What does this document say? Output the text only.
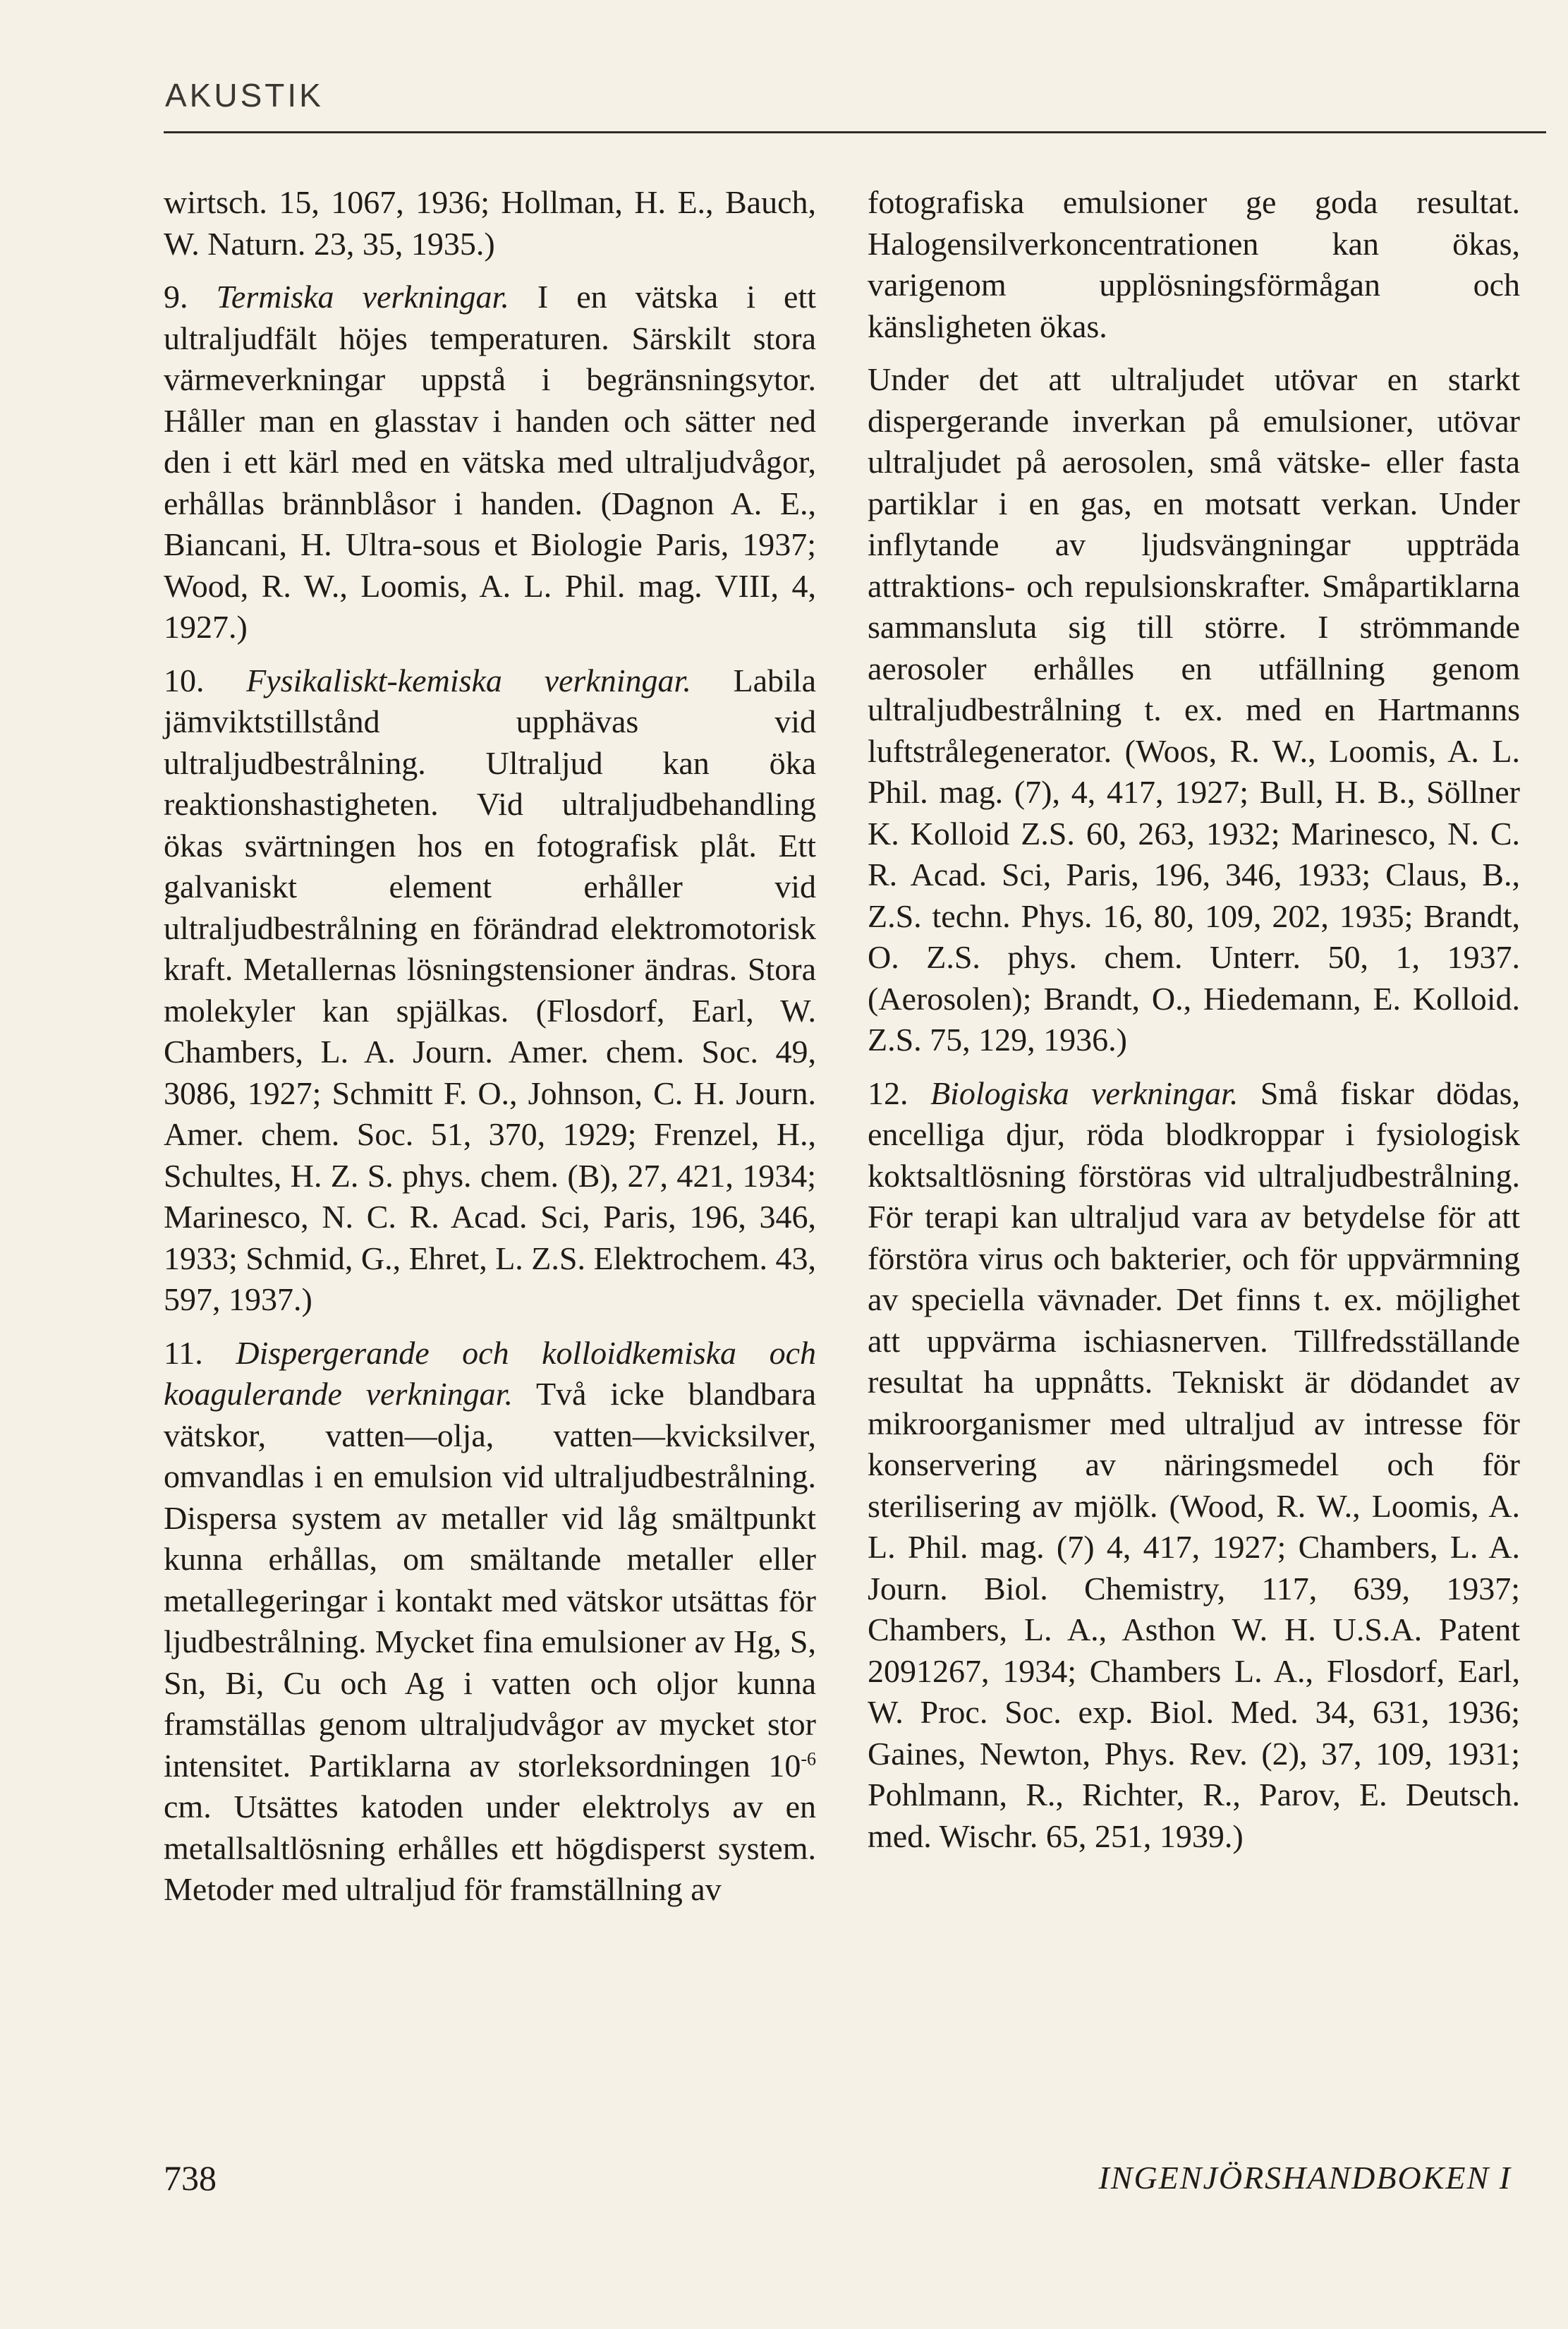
AKUSTIK

wirtsch. 15, 1067, 1936; Hollman, H. E., Bauch, W. Naturn. 23, 35, 1935.)

9. Termiska verkningar. I en vätska i ett ultraljudfält höjes temperaturen. Särskilt stora värmeverkningar uppstå i begränsningsytor. Håller man en glasstav i handen och sätter ned den i ett kärl med en vätska med ultraljudvågor, erhållas brännblåsor i handen. (Dagnon A. E., Biancani, H. Ultra-sous et Biologie Paris, 1937; Wood, R. W., Loomis, A. L. Phil. mag. VIII, 4, 1927.)

10. Fysikaliskt-kemiska verkningar. Labila jämviktstillstånd upphävas vid ultraljudbestrålning. Ultraljud kan öka reaktionshastigheten. Vid ultraljudbehandling ökas svärtningen hos en fotografisk plåt. Ett galvaniskt element erhåller vid ultraljudbestrålning en förändrad elektromotorisk kraft. Metallernas lösningstensioner ändras. Stora molekyler kan spjälkas. (Flosdorf, Earl, W. Chambers, L. A. Journ. Amer. chem. Soc. 49, 3086, 1927; Schmitt F. O., Johnson, C. H. Journ. Amer. chem. Soc. 51, 370, 1929; Frenzel, H., Schultes, H. Z. S. phys. chem. (B), 27, 421, 1934; Marinesco, N. C. R. Acad. Sci, Paris, 196, 346, 1933; Schmid, G., Ehret, L. Z.S. Elektrochem. 43, 597, 1937.)

11. Dispergerande och kolloidkemiska och koagulerande verkningar. Två icke blandbara vätskor, vatten—olja, vatten—kvicksilver, omvandlas i en emulsion vid ultraljudbestrålning. Dispersa system av metaller vid låg smältpunkt kunna erhållas, om smältande metaller eller metallegeringar i kontakt med vätskor utsättas för ljudbestrålning. Mycket fina emulsioner av Hg, S, Sn, Bi, Cu och Ag i vatten och oljor kunna framställas genom ultraljudvågor av mycket stor intensitet. Partiklarna av storleksordningen $10^{-6}$ cm. Utsättes katoden under elektrolys av en metallsaltlösning erhålles ett högdisperst system. Metoder med ultraljud för framställning av

fotografiska emulsioner ge goda resultat. Halogensilverkoncentrationen kan ökas, varigenom upplösningsförmågan och känsligheten ökas.

Under det att ultraljudet utövar en starkt dispergerande inverkan på emulsioner, utövar ultraljudet på aerosolen, små vätske- eller fasta partiklar i en gas, en motsatt verkan. Under inflytande av ljudsvängningar uppträda attraktions- och repulsionskrafter. Småpartiklarna sammansluta sig till större. I strömmande aerosoler erhålles en utfällning genom ultraljudbestrålning t. ex. med en Hartmanns luftstrålegenerator. (Woos, R. W., Loomis, A. L. Phil. mag. (7), 4, 417, 1927; Bull, H. B., Söllner K. Kolloid Z.S. 60, 263, 1932; Marinesco, N. C. R. Acad. Sci, Paris, 196, 346, 1933; Claus, B., Z.S. techn. Phys. 16, 80, 109, 202, 1935; Brandt, O. Z.S. phys. chem. Unterr. 50, 1, 1937. (Aerosolen); Brandt, O., Hiedemann, E. Kolloid. Z.S. 75, 129, 1936.)

12. Biologiska verkningar. Små fiskar dödas, encelliga djur, röda blodkroppar i fysiologisk koktsaltlösning förstöras vid ultraljudbestrålning. För terapi kan ultraljud vara av betydelse för att förstöra virus och bakterier, och för uppvärmning av speciella vävnader. Det finns t. ex. möjlighet att uppvärma ischiasnerven. Tillfredsställande resultat ha uppnåtts. Tekniskt är dödandet av mikroorganismer med ultraljud av intresse för konservering av näringsmedel och för sterilisering av mjölk. (Wood, R. W., Loomis, A. L. Phil. mag. (7) 4, 417, 1927; Chambers, L. A. Journ. Biol. Chemistry, 117, 639, 1937; Chambers, L. A., Asthon W. H. U.S.A. Patent 2091267, 1934; Chambers L. A., Flosdorf, Earl, W. Proc. Soc. exp. Biol. Med. 34, 631, 1936; Gaines, Newton, Phys. Rev. (2), 37, 109, 1931; Pohlmann, R., Richter, R., Parov, E. Deutsch. med. Wischr. 65, 251, 1939.)

738	INGENJÖRSHANDBOKEN I
